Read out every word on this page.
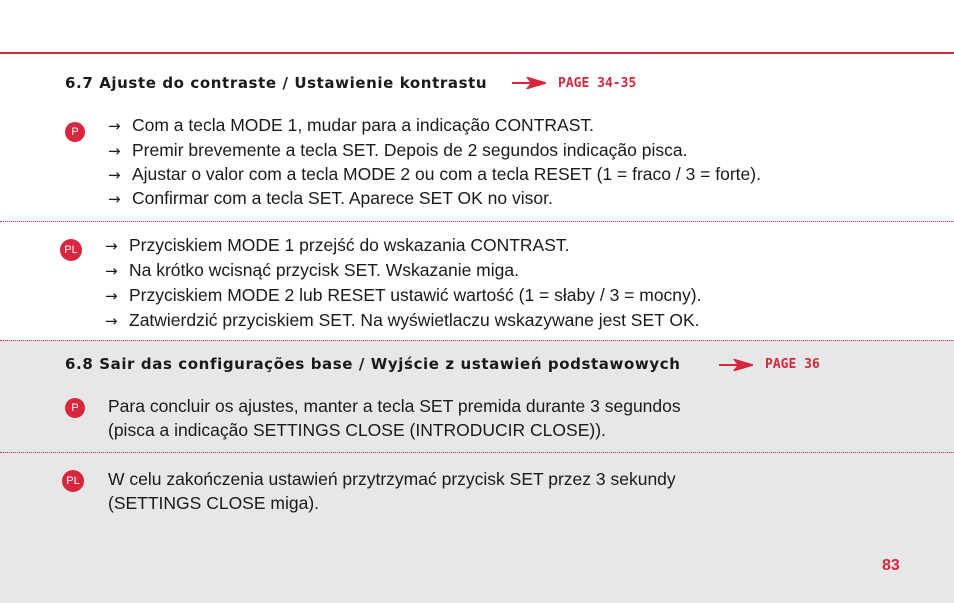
6.7 Ajuste do contraste / Ustawienie kontrastu	PAGE 34-35
P	→ Com a tecla MODE 1, mudar para a indicação CONTRAST.
→ Premir brevemente a tecla SET. Depois de 2 segundos indicação pisca.
→ Ajustar o valor com a tecla MODE 2 ou com a tecla RESET (1 = fraco / 3 = forte).
→ Confirmar com a tecla SET. Aparece SET OK no visor.
PL → Przyciskiem MODE 1 przejść do wskazania CONTRAST.
→ Na krótko wcisnąć przycisk SET. Wskazanie miga.
→ Przyciskiem MODE 2 lub RESET ustawić wartość (1 = słaby / 3 = mocny).
→ Zatwierdzić przyciskiem SET. Na wyświetlaczu wskazywane jest SET OK.
6.8 Sair das configurações base / Wyjście z ustawień podstawowych	PAGE 36
P	Para concluir os ajustes, manter a tecla SET premida durante 3 segundos
(pisca a indicação SETTINGS CLOSE (INTRODUCIR CLOSE)).
PL W celu zakończenia ustawień przytrzymać przycisk SET przez 3 sekundy
(SETTINGS CLOSE miga).
83
